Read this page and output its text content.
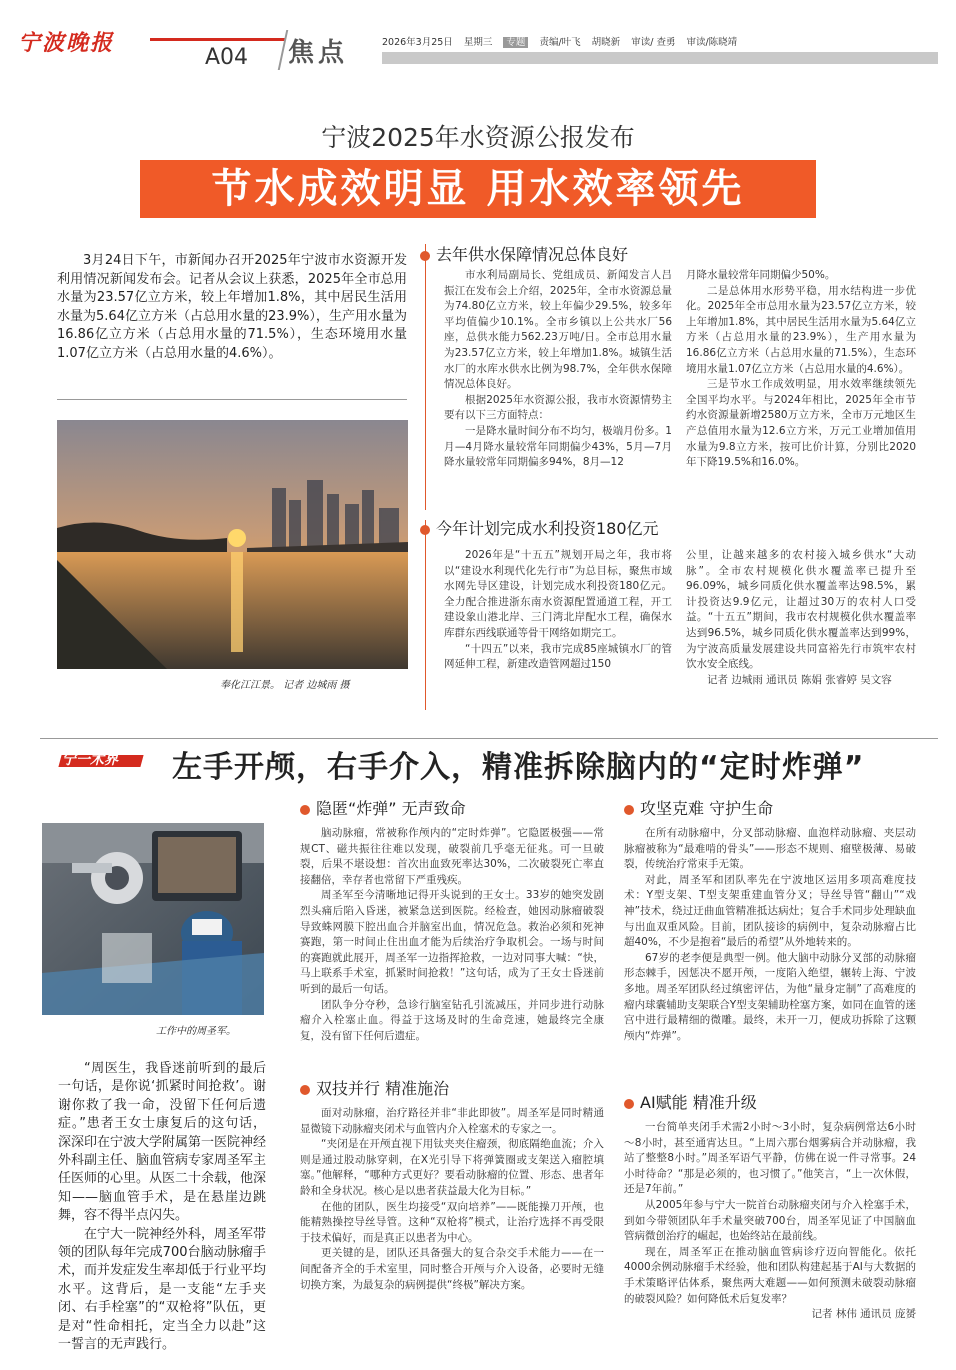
宁波晚报
A04 焦点	2026年3月25日 星期三 专题 责编/叶飞 胡晓新 审读/ 查勇 审读/陈晓靖
宁波2025年水资源公报发布
节水成效明显 用水效率领先
3月24日下午，市新闻办召开2025年宁波市水资源开发利用情况新闻发布会。记者从会议上获悉，2025年全市总用水量为23.57亿立方米，较上年增加1.8%，其中居民生活用水量为5.64亿立方米（占总用水量的23.9%），生产用水量为16.86亿立方米（占总用水量的71.5%），生态环境用水量1.07亿立方米（占总用水量的4.6%）。
奉化江江景。 记者 边城雨 摄
去年供水保障情况总体良好

市水利局副局长、党组成员、新闻发言人吕振江在发布会上介绍，2025年，全市水资源总量为74.80亿立方米，较上年偏少29.5%，较多年平均值偏少10.1%。全市乡镇以上公共水厂56座，总供水能力562.23万吨/日。全市总用水量为23.57亿立方米，较上年增加1.8%。城镇生活水厂的水库水供水比例为98.7%，全年供水保障情况总体良好。

根据2025年水资源公报，我市水资源情势主要有以下三方面特点：

一是降水量时间分布不均匀，极端月份多。1月—4月降水量较常年同期偏少43%，5月—7月降水量较常年同期偏多94%，8月—12

月降水量较常年同期偏少50%。

二是总体用水形势平稳，用水结构进一步优化。2025年全市总用水量为23.57亿立方米，较上年增加1.8%，其中居民生活用水量为5.64亿立方米（占总用水量的23.9%），生产用水量为16.86亿立方米（占总用水量的71.5%），生态环境用水量1.07亿立方米（占总用水量的4.6%）。

三是节水工作成效明显，用水效率继续领先全国平均水平。与2024年相比，2025年全市节约水资源量新增2580万立方米，全市万元地区生产总值用水量为12.6立方米，万元工业增加值用水量为9.8立方米，按可比价计算，分别比2020年下降19.5%和16.0%。

今年计划完成水利投资180亿元

2026年是“十五五”规划开局之年，我市将以“建设水利现代化先行市”为总目标，聚焦市域水网先导区建设，计划完成水利投资180亿元。全力配合推进浙东南水资源配置通道工程，开工建设象山港北岸、三门湾北岸配水工程，确保水库群东西线联通等骨干网络如期完工。

“十四五”以来，我市完成85座城镇水厂的管网延伸工程，新建改造管网超过150

公里，让越来越多的农村接入城乡供水“大动脉”。全市农村规模化供水覆盖率已提升至96.09%，城乡同质化供水覆盖率达98.5%，累计投资达9.9亿元，让超过30万的农村人口受益。“十五五”期间，我市农村规模化供水覆盖率达到96.5%，城乡同质化供水覆盖率达到99%，为宁波高质量发展建设共同富裕先行市筑牢农村饮水安全底线。

记者 边城雨 通讯员 陈娟 张睿婷 吴文容

宁一术界 左手开颅，右手介入，精准拆除脑内的“定时炸弹”
工作中的周圣军。

“周医生，我昏迷前听到的最后一句话，是你说‘抓紧时间抢救’。谢谢你救了我一命，没留下任何后遗症。”患者王女士康复后的这句话，深深印在宁波大学附属第一医院神经外科副主任、脑血管病专家周圣军主任医师的心里。从医二十余载，他深知——脑血管手术，是在悬崖边跳舞，容不得半点闪失。

在宁大一院神经外科，周圣军带领的团队每年完成700台脑动脉瘤手术，而并发症发生率却低于行业平均水平。这背后，是一支能“左手夹闭、右手栓塞”的“双枪将”队伍，更是对“性命相托，定当全力以赴”这一誓言的无声践行。

隐匿“炸弹” 无声致命

脑动脉瘤，常被称作颅内的“定时炸弹”。它隐匿极强——常规CT、磁共振往往难以发现，破裂前几乎毫无征兆。可一旦破裂，后果不堪设想：首次出血致死率达30%，二次破裂死亡率直接翻倍，幸存者也常留下严重残疾。

周圣军至今清晰地记得开头说到的王女士。33岁的她突发剧烈头痛后陷入昏迷，被紧急送到医院。经检查，她因动脉瘤破裂导致蛛网膜下腔出血合并脑室出血，情况危急。救治必须和死神赛跑，第一时间止住出血才能为后续治疗争取机会。一场与时间的赛跑就此展开，周圣军一边指挥抢救，一边对同事大喊：“快，马上联系手术室，抓紧时间抢救！”这句话，成为了王女士昏迷前听到的最后一句话。

团队争分夺秒，急诊行脑室钻孔引流减压，并同步进行动脉瘤介入栓塞止血。得益于这场及时的生命竞速，她最终完全康复，没有留下任何后遗症。

双技并行 精准施治

面对动脉瘤，治疗路径并非“非此即彼”。周圣军是同时精通显微镜下动脉瘤夹闭术与血管内介入栓塞术的专家之一。

“夹闭是在开颅直视下用钛夹夹住瘤颈，彻底隔绝血流；介入则是通过股动脉穿刺，在X光引导下将弹簧圈或支架送入瘤腔填塞。”他解释，“哪种方式更好？要看动脉瘤的位置、形态、患者年龄和全身状况。核心是以患者获益最大化为目标。”

在他的团队，医生均接受“双向培养”——既能操刀开颅，也能精熟操控导丝导管。这种“双枪将”模式，让治疗选择不再受限于技术偏好，而是真正以患者为中心。

更关键的是，团队还具备强大的复合杂交手术能力——在一间配备齐全的手术室里，同时整合开颅与介入设备，必要时无缝切换方案，为最复杂的病例提供“终极”解决方案。

攻坚克难 守护生命

在所有动脉瘤中，分叉部动脉瘤、血泡样动脉瘤、夹层动脉瘤被称为“最难啃的骨头”——形态不规则、瘤壁极薄、易破裂，传统治疗常束手无策。

对此，周圣军和团队率先在宁波地区运用多项高难度技术：Y型支架、T型支架重建血管分叉；导丝导管“翻山”“戏神”技术，绕过迂曲血管精准抵达病灶；复合手术同步处理缺血与出血双重风险。目前，团队接诊的病例中，复杂动脉瘤占比超40%，不少是抱着“最后的希望”从外地转来的。

67岁的老李便是典型一例。他大脑中动脉分叉部的动脉瘤形态棘手，因惩决不愿开颅，一度陷入绝望，辗转上海、宁波多地。周圣军团队经过缜密评估，为他“量身定制”了高难度的瘤内球囊辅助支架联合Y型支架辅助栓塞方案，如同在血管的迷宫中进行最精细的微雕。最终，未开一刀，便成功拆除了这颗颅内“炸弹”。

AI赋能 精准升级

一台简单夹闭手术需2小时～3小时，复杂病例常达6小时～8小时，甚至通宵达旦。“上周六那台烟雾病合并动脉瘤，我站了整整8小时。”周圣军语气平静，仿佛在说一件寻常事。24小时待命？“那是必须的，也习惯了。”他笑言，“上一次休假，还是7年前。”

从2005年参与宁大一院首台动脉瘤夹闭与介入栓塞手术，到如今带领团队年手术量突破700台，周圣军见证了中国脑血管病微创治疗的崛起，也始终站在最前线。

现在，周圣军正在推动脑血管病诊疗迈向智能化。依托4000余例动脉瘤手术经验，他和团队构建起基于AI与大数据的手术策略评估体系，聚焦两大难题——如何预测未破裂动脉瘤的破裂风险？如何降低术后复发率？

记者 林伟 通讯员 庞赟
